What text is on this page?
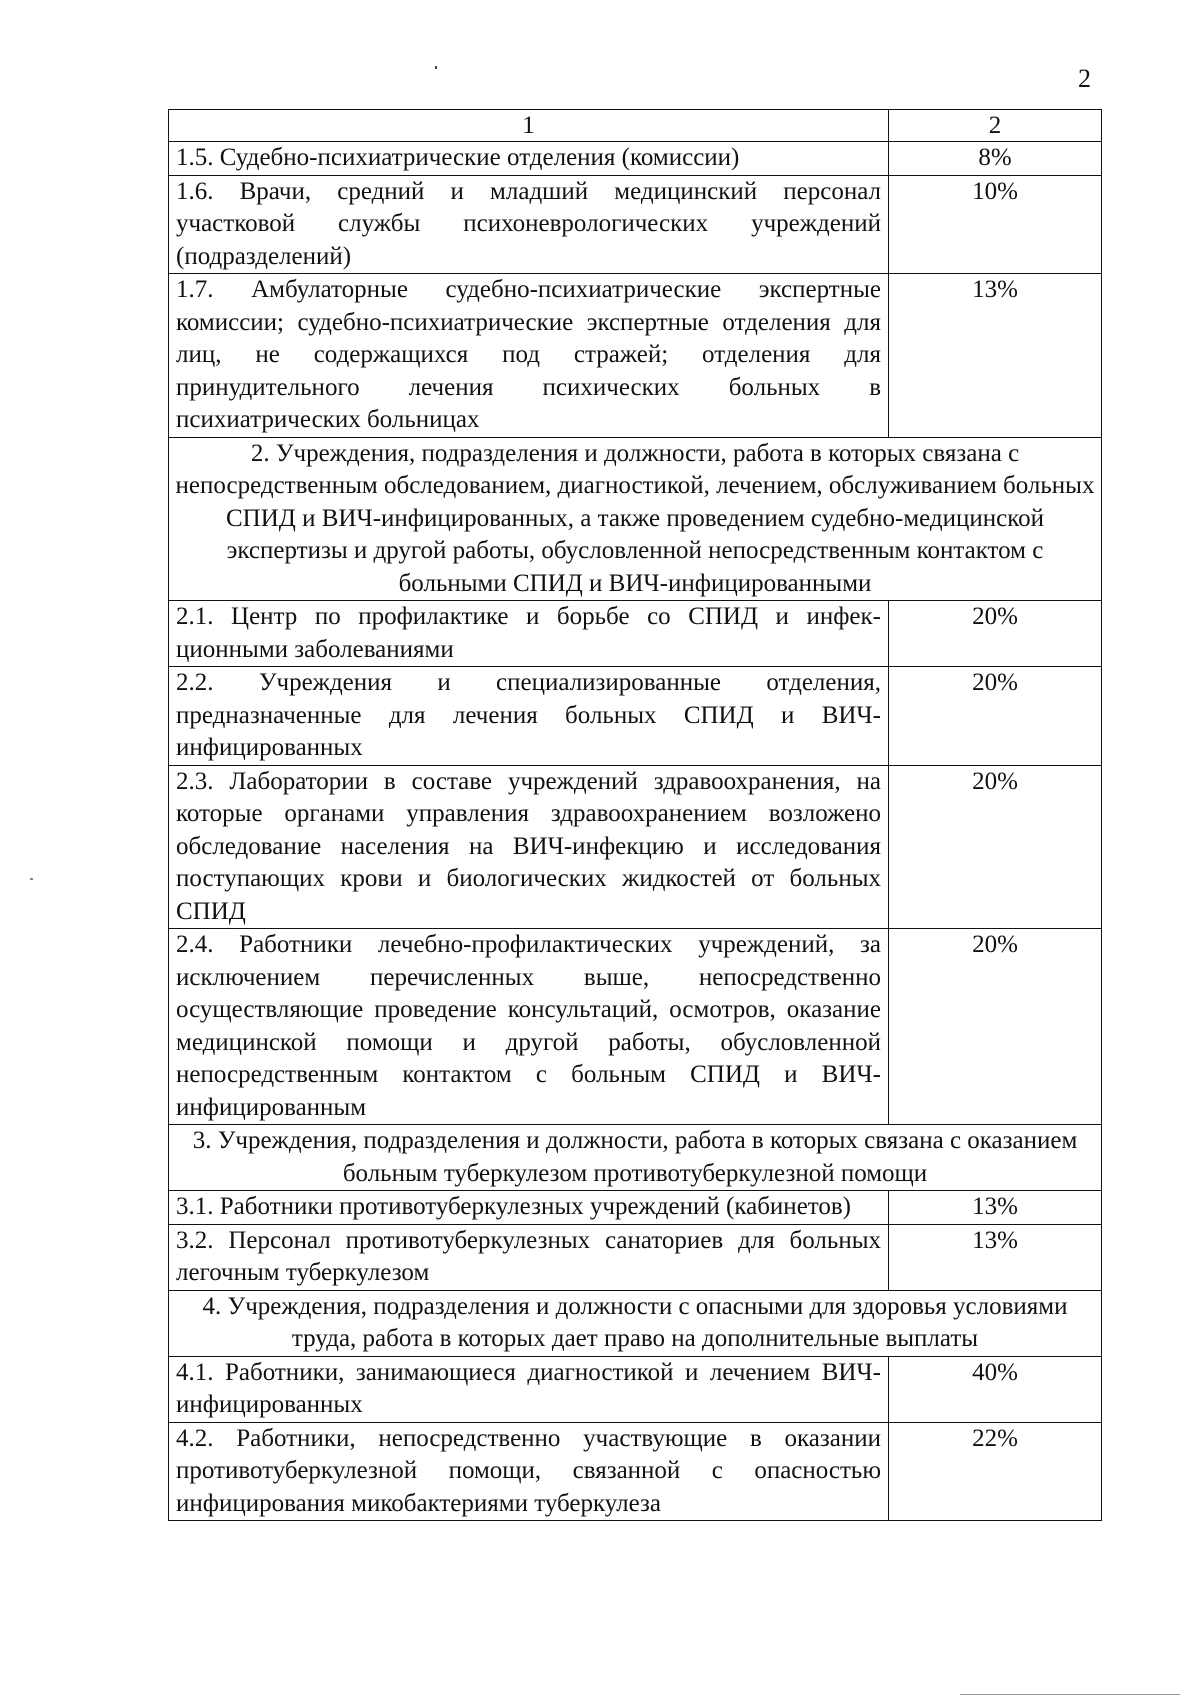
2
1	2
1.5. Судебно-психиатрические отделения (комиссии)	8%
1.6. Врачи, средний и младший медицинский персонал участковой службы психоневрологических учреждений (подразделений)	10%
1.7. Амбулаторные судебно-психиатрические экспертные комиссии; судебно-психиатрические экспертные отделения для лиц, не содержащихся под стражей; отделения для принудительного лечения психических больных в психиатрических больницах	13%
2. Учреждения, подразделения и должности, работа в которых связана с непосредственным обследованием, диагностикой, лечением, обслуживанием больных СПИД и ВИЧ-инфицированных, а также проведением судебно-медицинской экспертизы и другой работы, обусловленной непосредственным контактом с больными СПИД и ВИЧ-инфицированными	
2.1. Центр по профилактике и борьбе со СПИД и инфекционными заболеваниями	20%
2.2. Учреждения и специализированные отделения, предназначенные для лечения больных СПИД и ВИЧ-инфицированных	20%
2.3. Лаборатории в составе учреждений здравоохранения, на которые органами управления здравоохранением возложено обследование населения на ВИЧ-инфекцию и исследования поступающих крови и биологических жидкостей от больных СПИД	20%
2.4. Работники лечебно-профилактических учреждений, за исключением перечисленных выше, непосредственно осуществляющие проведение консультаций, осмотров, оказание медицинской помощи и другой работы, обусловленной непосредственным контактом с больным СПИД и ВИЧ-инфицированным	20%
3. Учреждения, подразделения и должности, работа в которых связана с оказанием больным туберкулезом противотуберкулезной помощи	
3.1. Работники противотуберкулезных учреждений (кабинетов)	13%
3.2. Персонал противотуберкулезных санаториев для больных легочным туберкулезом	13%
4. Учреждения, подразделения и должности с опасными для здоровья условиями труда, работа в которых дает право на дополнительные выплаты	
4.1. Работники, занимающиеся диагностикой и лечением ВИЧ-инфицированных	40%
4.2. Работники, непосредственно участвующие в оказании противотуберкулезной помощи, связанной с опасностью инфицирования микобактериями туберкулеза	22%
